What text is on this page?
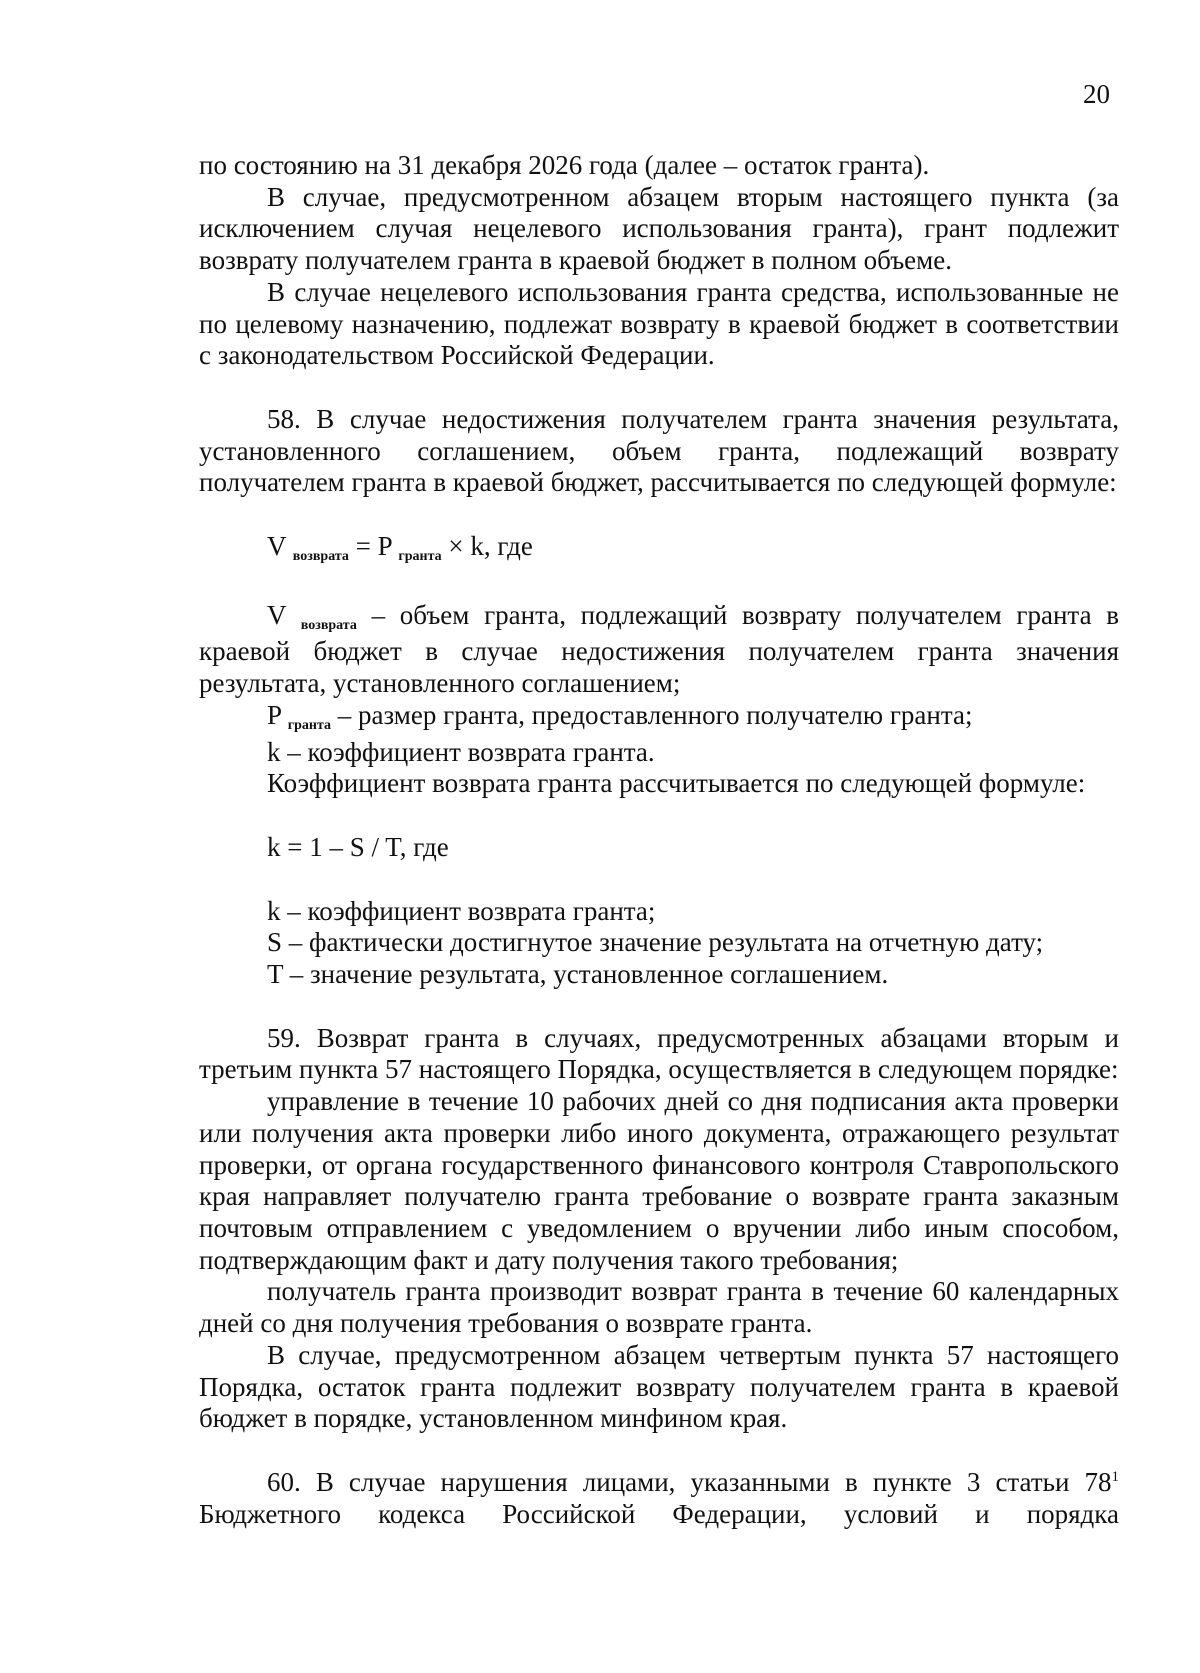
20

по состоянию на 31 декабря 2026 года (далее – остаток гранта).

В случае, предусмотренном абзацем вторым настоящего пункта (за исключением случая нецелевого использования гранта), грант подлежит возврату получателем гранта в краевой бюджет в полном объеме.

В случае нецелевого использования гранта средства, использованные не по целевому назначению, подлежат возврату в краевой бюджет в соответствии с законодательством Российской Федерации.

58. В случае недостижения получателем гранта значения результата, установленного соглашением, объем гранта, подлежащий возврату получателем гранта в краевой бюджет, рассчитывается по следующей формуле:

V возврата = P гранта × k, где

V возврата – объем гранта, подлежащий возврату получателем гранта в краевой бюджет в случае недостижения получателем гранта значения результата, установленного соглашением;

P гранта – размер гранта, предоставленного получателю гранта;

k – коэффициент возврата гранта.

Коэффициент возврата гранта рассчитывается по следующей формуле:

k = 1 – S / T, где

k – коэффициент возврата гранта;

S – фактически достигнутое значение результата на отчетную дату;

T – значение результата, установленное соглашением.

59. Возврат гранта в случаях, предусмотренных абзацами вторым и третьим пункта 57 настоящего Порядка, осуществляется в следующем порядке:

управление в течение 10 рабочих дней со дня подписания акта проверки или получения акта проверки либо иного документа, отражающего результат проверки, от органа государственного финансового контроля Ставропольского края направляет получателю гранта требование о возврате гранта заказным почтовым отправлением с уведомлением о вручении либо иным способом, подтверждающим факт и дату получения такого требования;

получатель гранта производит возврат гранта в течение 60 календарных дней со дня получения требования о возврате гранта.

В случае, предусмотренном абзацем четвертым пункта 57 настоящего Порядка, остаток гранта подлежит возврату получателем гранта в краевой бюджет в порядке, установленном минфином края.

60. В случае нарушения лицами, указанными в пункте 3 статьи $78^1$ Бюджетного кодекса Российской Федерации, условий и порядка
